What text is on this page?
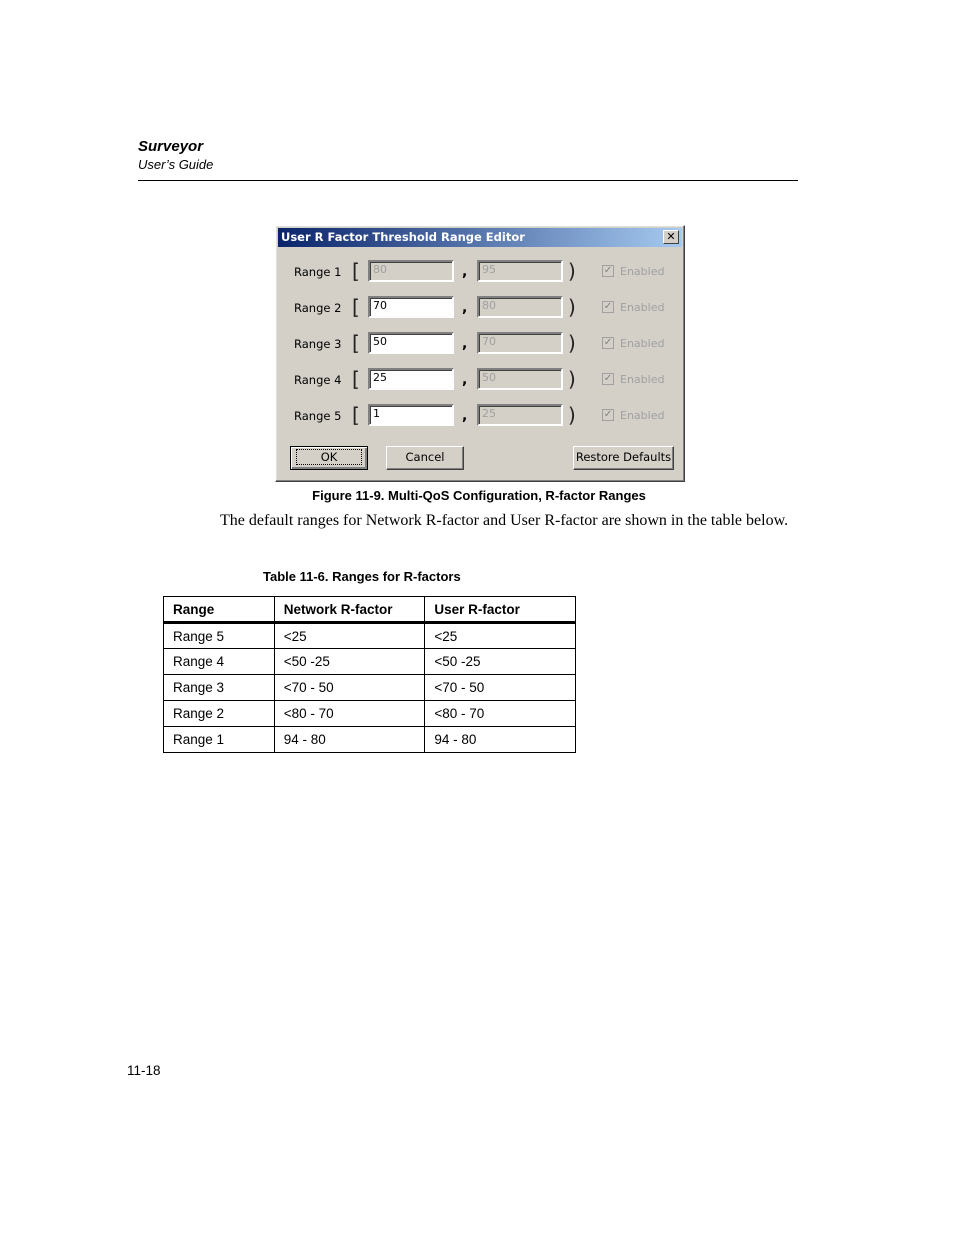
Surveyor
User’s Guide
User R Factor Threshold Range Editor	✕
Range 1 [	80	,	95	)	✓ Enabled
Range 2 [	70	,	80	)	✓ Enabled
Range 3 [	50	,	70	)	✓ Enabled
Range 4 [	25	,	50	)	✓ Enabled
Range 5 [	1	,	25	)	✓ Enabled
OK	Cancel	Restore Defaults
Figure 11-9. Multi-QoS Configuration, R-factor Ranges
The default ranges for Network R-factor and User R-factor are shown in the table below.
Table 11-6. Ranges for R-factors
Range	Network R-factor	User R-factor
Range 5	<25	<25
Range 4	<50 -25	<50 -25
Range 3	<70 - 50	<70 - 50
Range 2	<80 - 70	<80 - 70
Range 1	94 - 80	94 - 80
11-18
